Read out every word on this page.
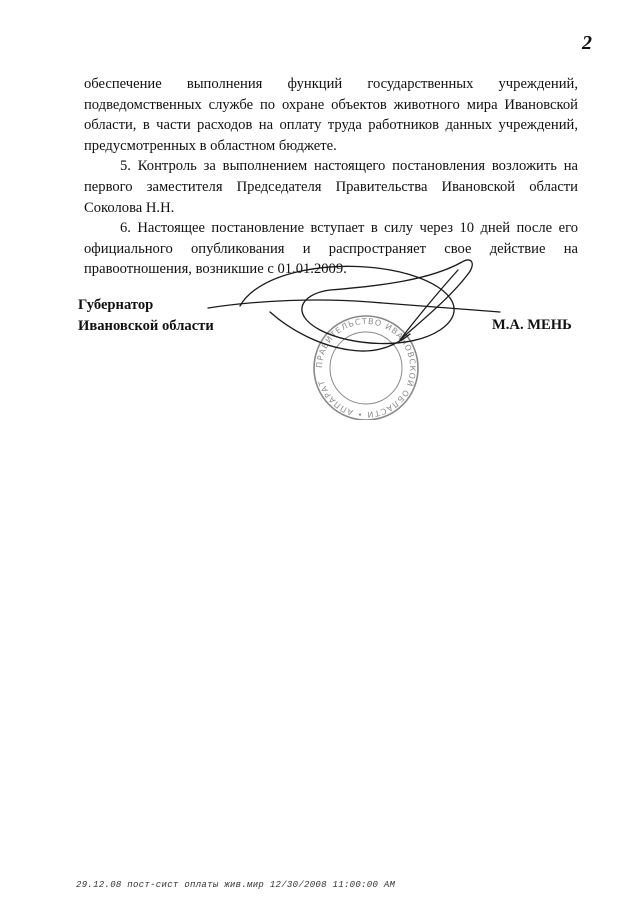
2

обеспечение выполнения функций государственных учреждений, подведомственных службе по охране объектов животного мира Ивановской области, в части расходов на оплату труда работников данных учреждений, предусмотренных в областном бюджете.

5. Контроль за выполнением настоящего постановления возложить на первого заместителя Председателя Правительства Ивановской области Соколова Н.Н.

6. Настоящее постановление вступает в силу через 10 дней после его официального опубликования и распространяет свое действие на правоотношения, возникшие с 01.01.2009.

ПРАВИТЕЛЬСТВО ИВАНОВСКОЙ ОБЛАСТИ • АППАРАТ
Губернатор
Ивановской области	М.А. МЕНЬ
29.12.08 пост-сист оплаты жив.мир 12/30/2008 11:00:00 AM
